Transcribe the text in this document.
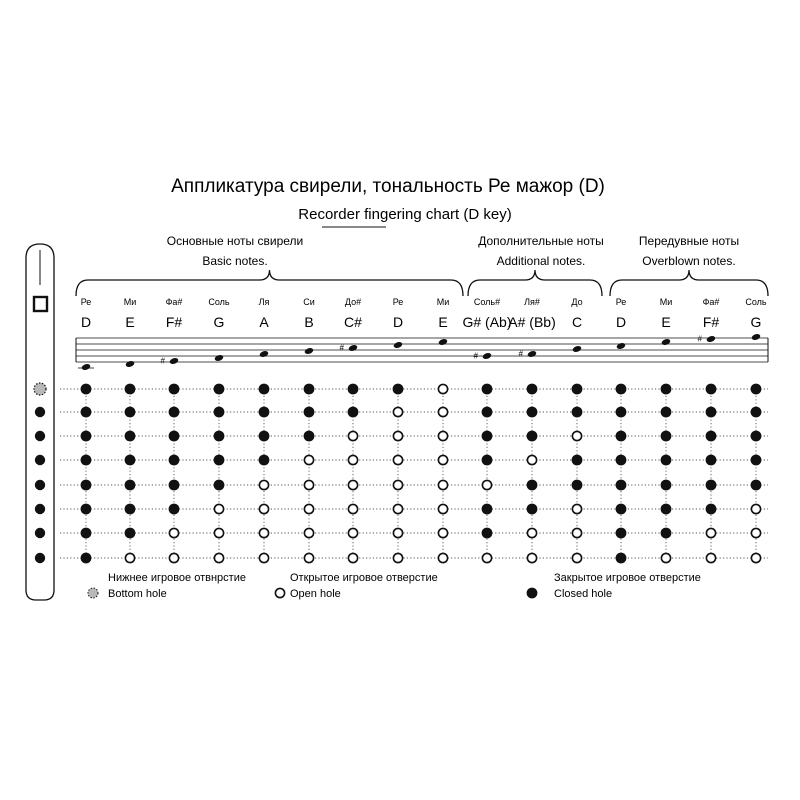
Аппликатура свирели, тональность Ре мажор (D)
Recorder fingering chart (D key)
Основные ноты свирели
Basic notes.
Дополнительные ноты
Additional notes.
Передувные ноты
Overblown notes.
Ре
D
Ми
E
Фа#
F#
Соль
G
Ля
A
Си
B
До#
C#
Ре
D
Ми
E
Соль#
G# (Ab)
Ля#
A# (Bb)
До
C
Ре
D
Ми
E
Фа#
F#
Соль
G
#
#
#	#
#
Нижнее игровое отвнрстие
Bottom hole
Открытое игровое отверстие
Open hole
Закрытое игровое отверстие
Closed hole
